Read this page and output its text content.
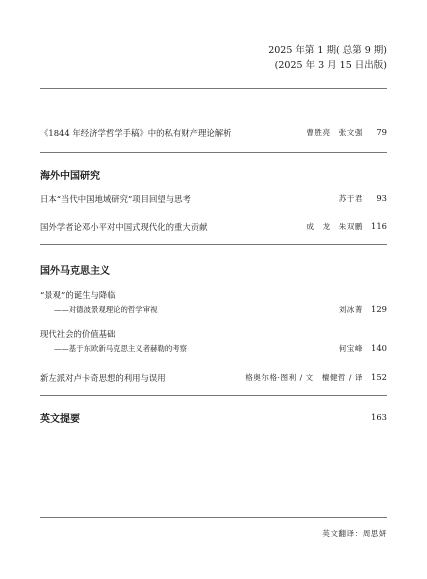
2025 年第 1 期( 总第 9 期)
(2025 年 3 月 15 日出版)
《1844 年经济学哲学手稿》中的私有财产理论解析	曹胜亮　张文强 79
海外中国研究
日本“当代中国地域研究”项目回望与思考	苏于君 93
国外学者论邓小平对中国式现代化的重大贡献	成　龙　朱双鹏 116
国外马克思主义
“景观”的诞生与降临
——对德波景观理论的哲学审视	刘冰菁 129
现代社会的价值基础
——基于东欧新马克思主义者赫勒的考察	何宝峰 140
新左派对卢卡奇思想的利用与误用	格奥尔格·图利 / 文　檀健哲 / 译 152
英文提要	163
英文翻译：周思妍
